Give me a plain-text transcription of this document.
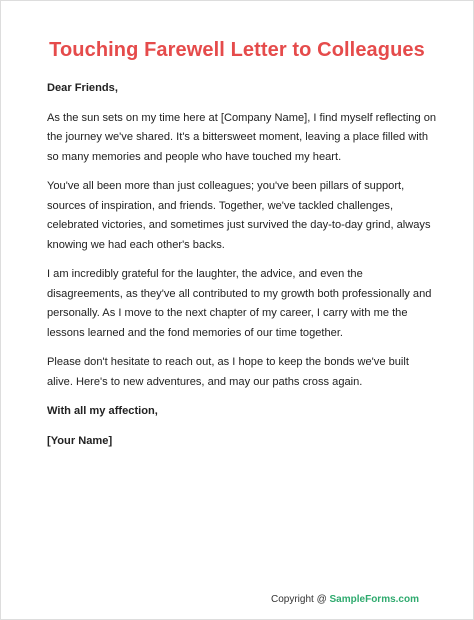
Touching Farewell Letter to Colleagues

Dear Friends,

As the sun sets on my time here at [Company Name], I find myself reflecting on the journey we've shared. It's a bittersweet moment, leaving a place filled with so many memories and people who have touched my heart.

You've all been more than just colleagues; you've been pillars of support, sources of inspiration, and friends. Together, we've tackled challenges, celebrated victories, and sometimes just survived the day-to-day grind, always knowing we had each other's backs.

I am incredibly grateful for the laughter, the advice, and even the disagreements, as they've all contributed to my growth both professionally and personally. As I move to the next chapter of my career, I carry with me the lessons learned and the fond memories of our time together.

Please don't hesitate to reach out, as I hope to keep the bonds we've built alive. Here's to new adventures, and may our paths cross again.

With all my affection,

[Your Name]

Copyright @ SampleForms.com
